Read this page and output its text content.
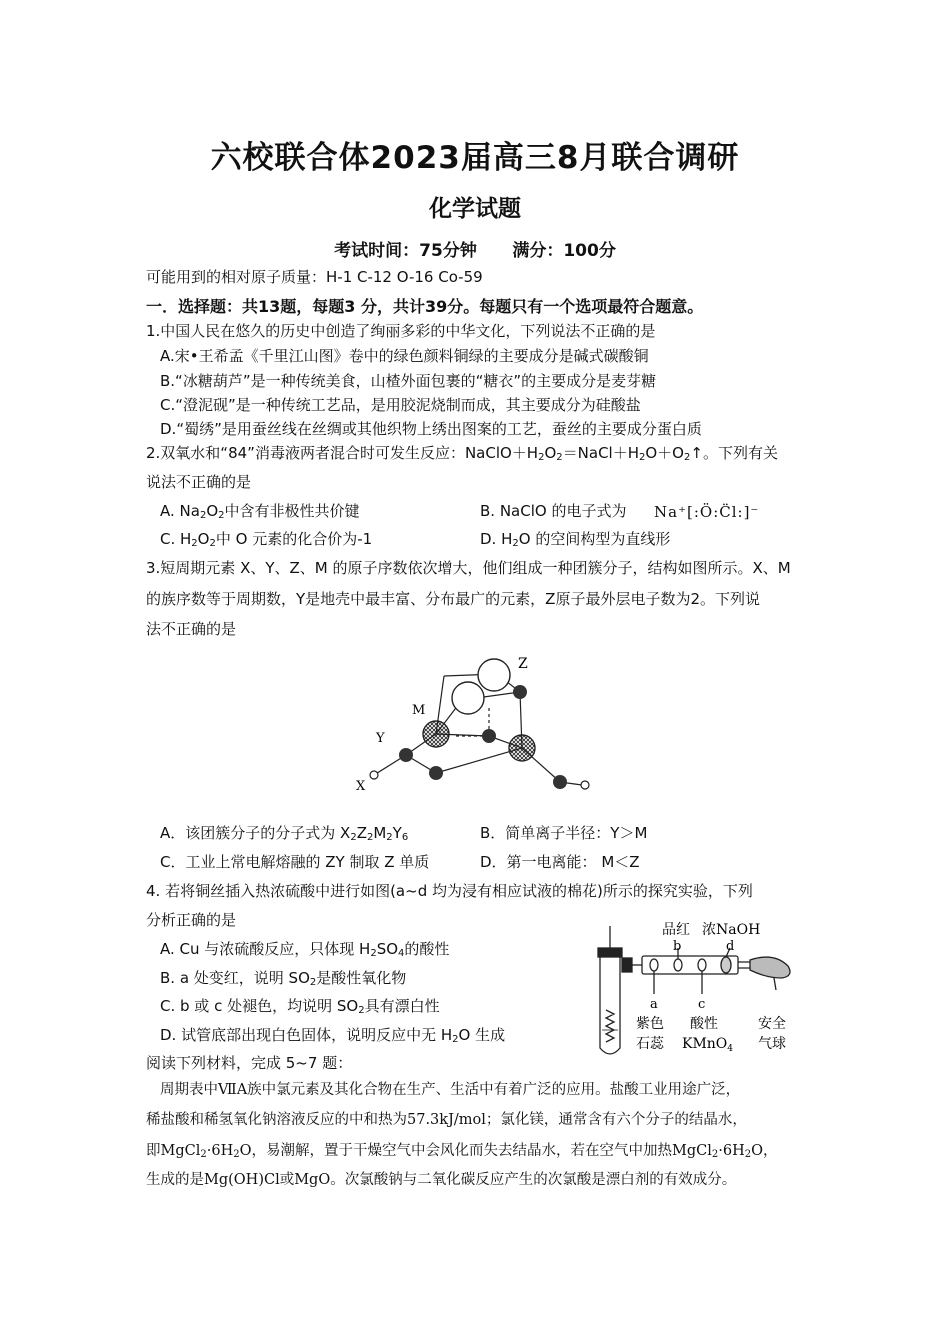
六校联合体2023届高三8月联合调研
化学试题
考试时间：75分钟      满分：100分
可能用到的相对原子质量：H-1 C-12 O-16 Co-59
一．选择题：共13题，每题3 分，共计39分。每题只有一个选项最符合题意。
1.中国人民在悠久的历史中创造了绚丽多彩的中华文化，下列说法不正确的是
A.宋•王希孟《千里江山图》卷中的绿色颜料铜绿的主要成分是碱式碳酸铜
B.“冰糖葫芦”是一种传统美食，山楂外面包裹的“糖衣”的主要成分是麦芽糖
C.“澄泥砚”是一种传统工艺品，是用胶泥烧制而成，其主要成分为硅酸盐
D.“蜀绣”是用蚕丝线在丝绸或其他织物上绣出图案的工艺，蚕丝的主要成分蛋白质
2.双氧水和“84”消毒液两者混合时可发生反应：$NaClO+H_2O_2=NaCl+H_2O+O_2↑$。下列有关
说法不正确的是
A. $Na_2O_2$中含有非极性共价键	B. NaClO 的电子式为 Na⁺[:Ö:C̈l:]⁻
C. $H_2O_2$中 O 元素的化合价为-1	D. $H_2O$ 的空间构型为直线形
3.短周期元素 X、Y、Z、M 的原子序数依次增大，他们组成一种团簇分子，结构如图所示。X、M
的族序数等于周期数，Y是地壳中最丰富、分布最广的元素，Z原子最外层电子数为2。下列说
法不正确的是
Z
M
Y
X
A．该团簇分子的分子式为 $X_2Z_2M_2Y_6$	B．简单离子半径：Y＞M
C．工业上常电解熔融的 ZY 制取 Z 单质	D．第一电离能： M＜Z
4. 若将铜丝插入热浓硫酸中进行如图(a~d 均为浸有相应试液的棉花)所示的探究实验，下列
分析正确的是
A. Cu 与浓硫酸反应，只体现 $H_2SO_4$的酸性
B. a 处变红，说明 $SO_2$是酸性氧化物
C. b 或 c 处褪色，均说明 $SO_2$具有漂白性
D. 试管底部出现白色固体，说明反应中无 $H_2O$ 生成
品红 浓NaOH
b	d
a	c
紫色
石蕊
酸性
KMnO$_4$
安全
气球
阅读下列材料，完成 5~7 题：
周期表中ⅦA族中氯元素及其化合物在生产、生活中有着广泛的应用。盐酸工业用途广泛，
稀盐酸和稀氢氧化钠溶液反应的中和热为57.3kJ/mol；氯化镁，通常含有六个分子的结晶水，
即$MgCl_2\cdot 6H_2O$，易潮解，置于干燥空气中会风化而失去结晶水，若在空气中加热$MgCl_2\cdot 6H_2O$，
生成的是Mg(OH)Cl或MgO。次氯酸钠与二氧化碳反应产生的次氯酸是漂白剂的有效成分。
